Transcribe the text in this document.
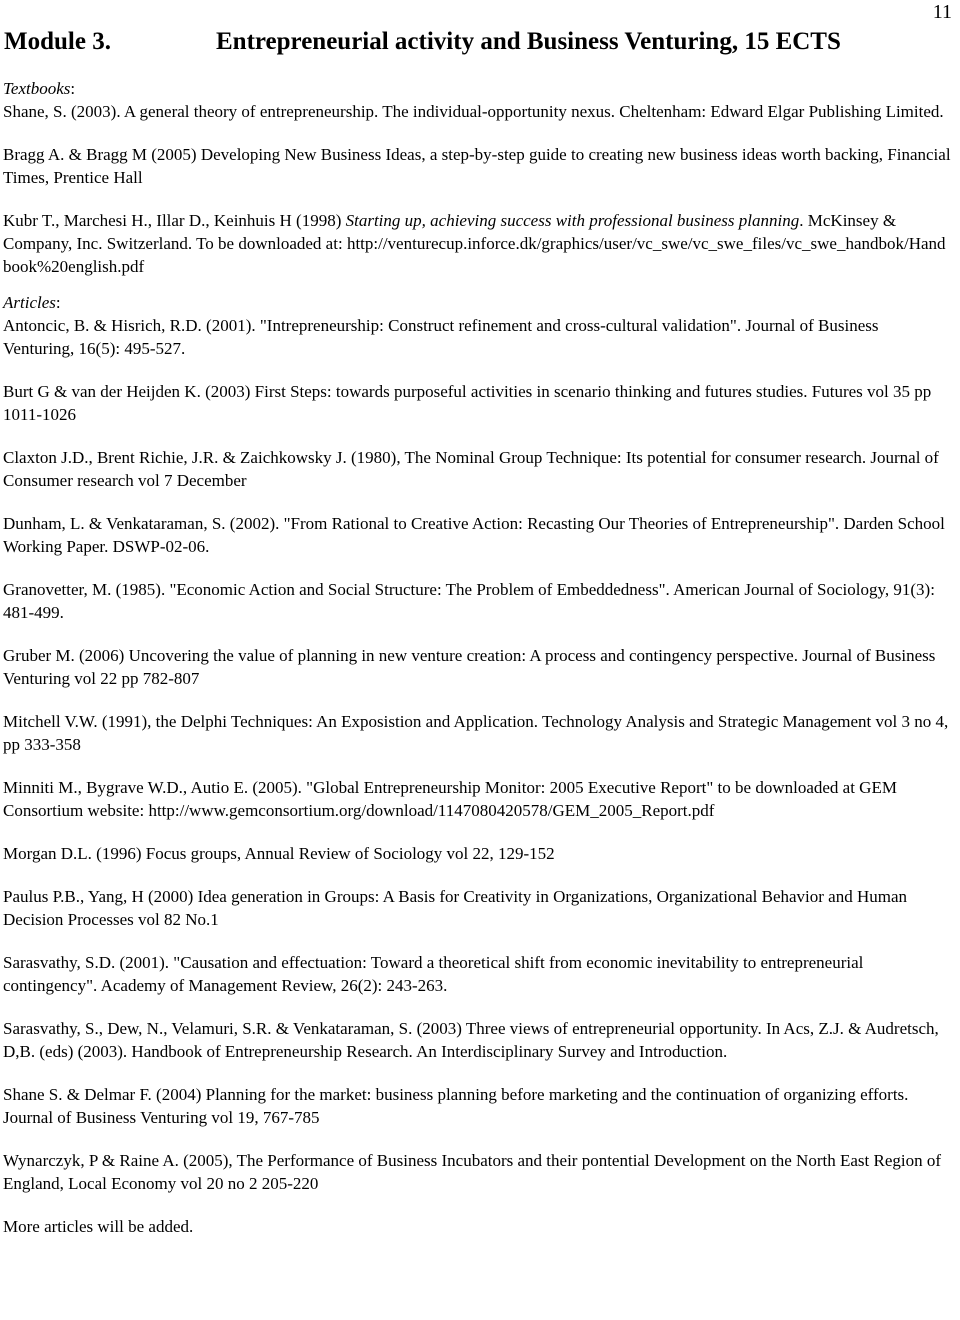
11
Module 3.	Entrepreneurial activity and Business Venturing, 15 ECTS

Textbooks:

Shane, S. (2003). A general theory of entrepreneurship. The individual-opportunity nexus. Cheltenham: Edward Elgar Publishing Limited.

Bragg A. & Bragg M (2005) Developing New Business Ideas, a step-by-step guide to creating new business ideas worth backing, Financial Times, Prentice Hall

Kubr T., Marchesi H., Illar D., Keinhuis H (1998) Starting up, achieving success with professional business planning. McKinsey & Company, Inc. Switzerland. To be downloaded at: http://venturecup.inforce.dk/graphics/user/vc_swe/vc_swe_files/vc_swe_handbok/Handbook%20english.pdf

Articles:

Antoncic, B. & Hisrich, R.D. (2001). "Intrepreneurship: Construct refinement and cross-cultural validation". Journal of Business Venturing, 16(5): 495-527.

Burt G & van der Heijden K. (2003) First Steps: towards purposeful activities in scenario thinking and futures studies. Futures vol 35 pp 1011-1026

Claxton J.D., Brent Richie, J.R. & Zaichkowsky J. (1980), The Nominal Group Technique: Its potential for consumer research. Journal of Consumer research vol 7 December

Dunham, L. & Venkataraman, S. (2002). "From Rational to Creative Action: Recasting Our Theories of Entrepreneurship". Darden School Working Paper. DSWP-02-06.

Granovetter, M. (1985). "Economic Action and Social Structure: The Problem of Embeddedness". American Journal of Sociology, 91(3): 481-499.

Gruber M. (2006) Uncovering the value of planning in new venture creation: A process and contingency perspective. Journal of Business Venturing vol 22 pp 782-807

Mitchell V.W. (1991), the Delphi Techniques: An Exposistion and Application. Technology Analysis and Strategic Management vol 3 no 4, pp 333-358

Minniti M., Bygrave W.D., Autio E. (2005). "Global Entrepreneurship Monitor: 2005 Executive Report" to be downloaded at GEM Consortium website: http://www.gemconsortium.org/download/1147080420578/GEM_2005_Report.pdf

Morgan D.L. (1996) Focus groups, Annual Review of Sociology vol 22, 129-152

Paulus P.B., Yang, H (2000) Idea generation in Groups: A Basis for Creativity in Organizations, Organizational Behavior and Human Decision Processes vol 82 No.1

Sarasvathy, S.D. (2001). "Causation and effectuation: Toward a theoretical shift from economic inevitability to entrepreneurial contingency". Academy of Management Review, 26(2): 243-263.

Sarasvathy, S., Dew, N., Velamuri, S.R. & Venkataraman, S. (2003) Three views of entrepreneurial opportunity. In Acs, Z.J. & Audretsch, D,B. (eds) (2003). Handbook of Entrepreneurship Research. An Interdisciplinary Survey and Introduction.

Shane S. & Delmar F. (2004) Planning for the market: business planning before marketing and the continuation of organizing efforts. Journal of Business Venturing vol 19, 767-785

Wynarczyk, P & Raine A. (2005), The Performance of Business Incubators and their pontential Development on the North East Region of England, Local Economy vol 20 no 2 205-220

More articles will be added.
